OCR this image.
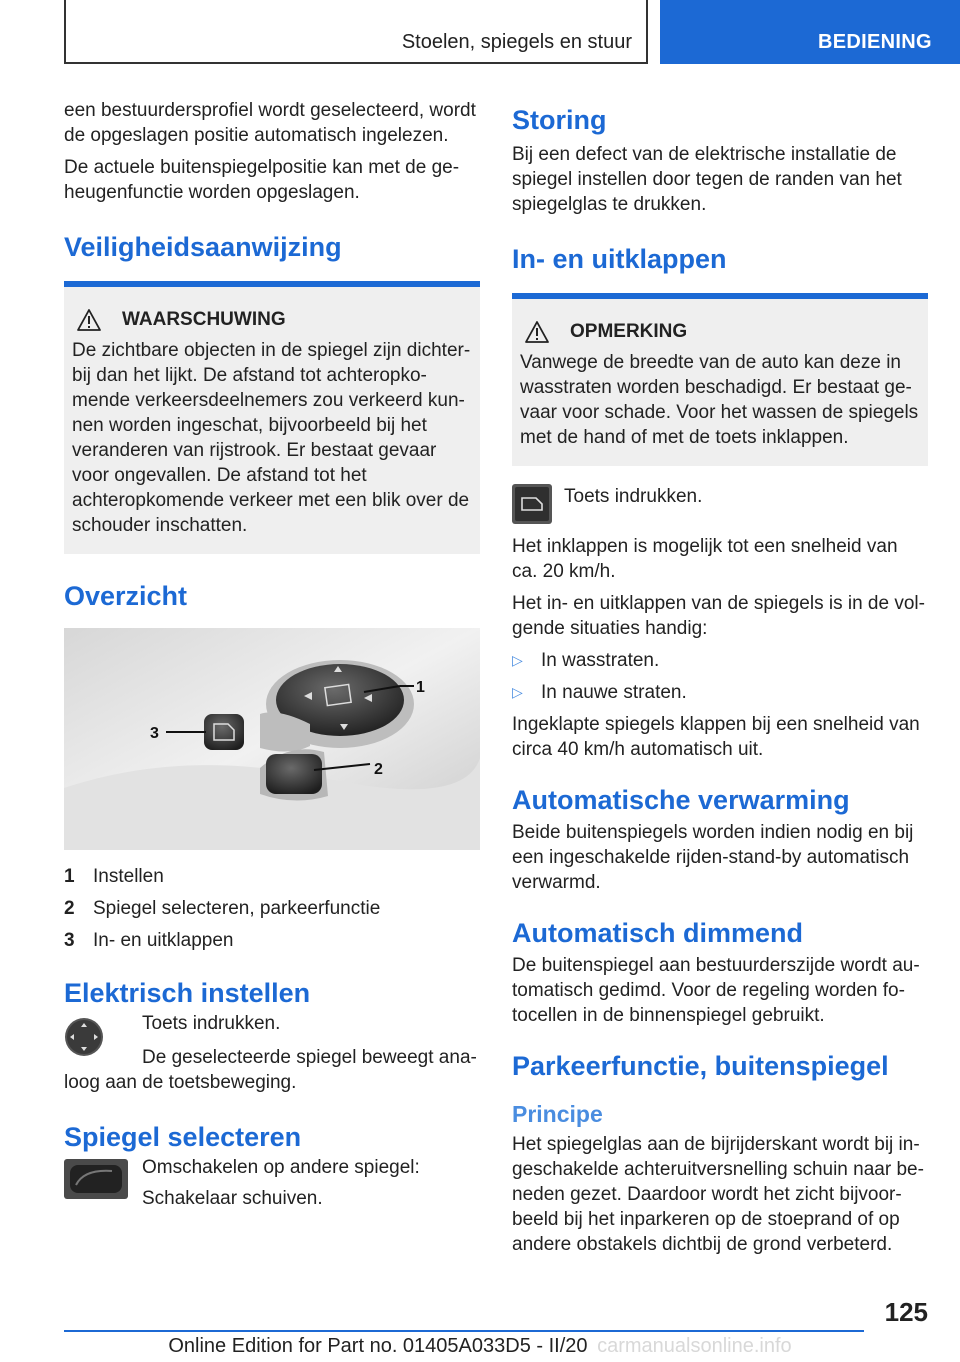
Stoelen, spiegels en stuur	BEDIENING

een bestuurdersprofiel wordt geselecteerd, wordt de opgeslagen positie automatisch ingelezen.

De actuele buitenspiegelpositie kan met de geheugenfunctie worden opgeslagen.

Veiligheidsaanwijzing
WAARSCHUWING
De zichtbare objecten in de spiegel zijn dichterbij dan het lijkt. De afstand tot achteropkomende verkeersdeelnemers zou verkeerd kunnen worden ingeschat, bijvoorbeeld bij het veranderen van rijstrook. Er bestaat gevaar voor ongevallen. De afstand tot het achteropkomende verkeer met een blik over de schouder inschatten.
Overzicht
1
2
3
1 Instellen
2 Spiegel selecteren, parkeerfunctie
3 In- en uitklappen
Elektrisch instellen

Toets indrukken.

De geselecteerde spiegel beweegt analoog aan de toetsbeweging.

Spiegel selecteren

Omschakelen op andere spiegel:

Schakelaar schuiven.

Storing

Bij een defect van de elektrische installatie de spiegel instellen door tegen de randen van het spiegelglas te drukken.

In- en uitklappen
OPMERKING
Vanwege de breedte van de auto kan deze in wasstraten worden beschadigd. Er bestaat gevaar voor schade. Voor het wassen de spiegels met de hand of met de toets inklappen.

Toets indrukken.

Het inklappen is mogelijk tot een snelheid van ca. 20 km/h.

Het in- en uitklappen van de spiegels is in de volgende situaties handig:

▷ In wasstraten.
▷ In nauwe straten.

Ingeklapte spiegels klappen bij een snelheid van circa 40 km/h automatisch uit.

Automatische verwarming

Beide buitenspiegels worden indien nodig en bij een ingeschakelde rijden-stand-by automatisch verwarmd.

Automatisch dimmend

De buitenspiegel aan bestuurderszijde wordt automatisch gedimd. Voor de regeling worden fotocellen in de binnenspiegel gebruikt.

Parkeerfunctie, buitenspiegel
Principe

Het spiegelglas aan de bijrijderskant wordt bij ingeschakelde achteruitversnelling schuin naar beneden gezet. Daardoor wordt het zicht bijvoorbeeld bij het inparkeren op de stoeprand of op andere obstakels dichtbij de grond verbeterd.

125
Online Edition for Part no. 01405A033D5 - II/20 carmanualsonline.info
